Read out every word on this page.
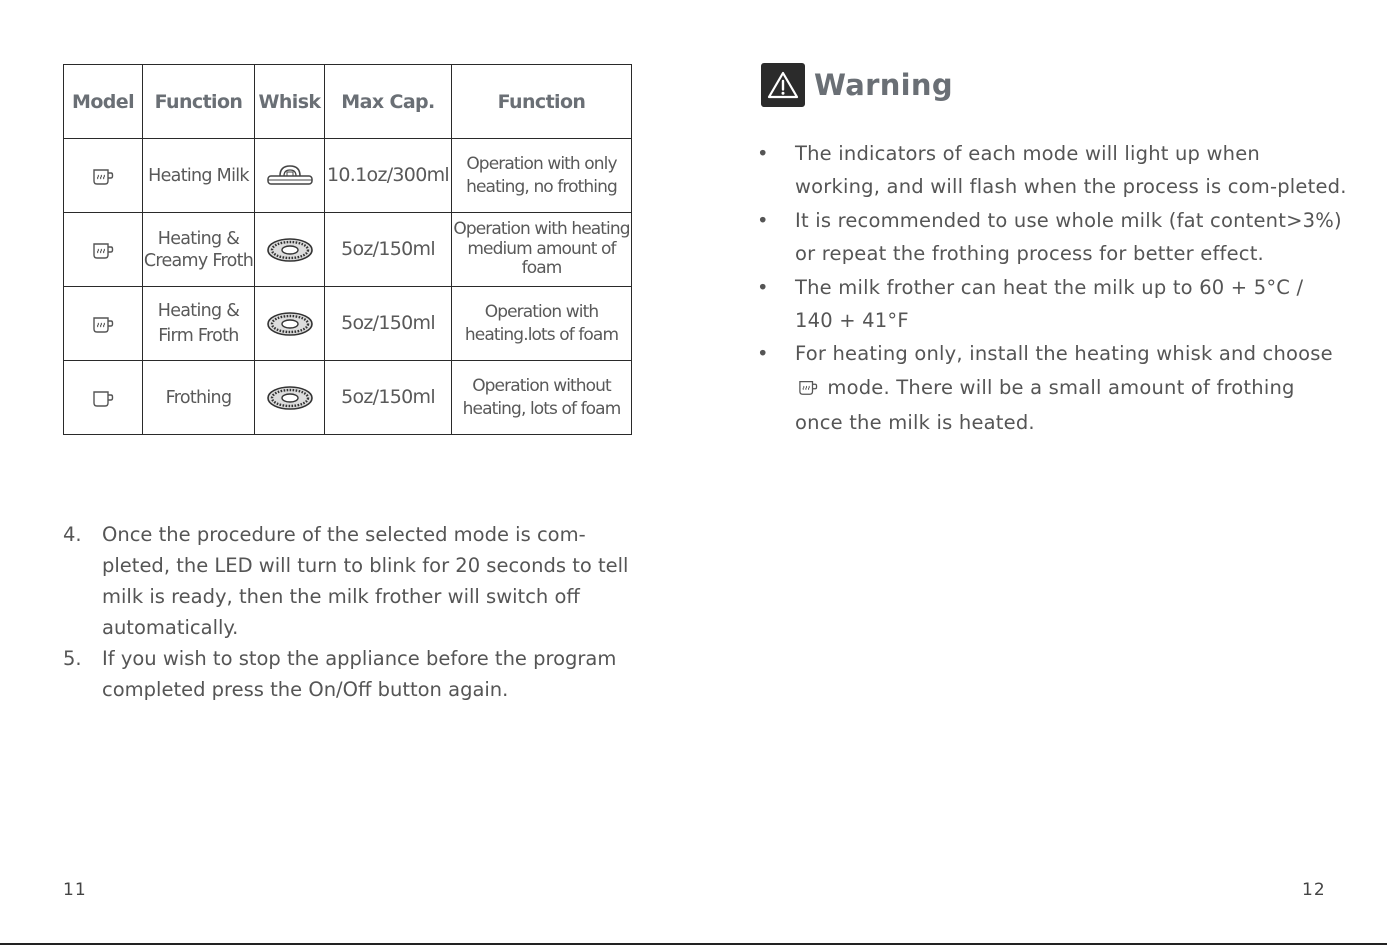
Model	Function	Whisk	Max Cap.	Function

	Heating Milk		10.1oz/300ml	Operation with only heating, no frothing

	Heating & Creamy Froth		5oz/150ml	Operation with heating medium amount of foam

	Heating & Firm Froth		5oz/150ml	Operation with heating.lots of foam

	Frothing		5oz/150ml	Operation without heating, lots of foam
4. Once the procedure of the selected mode is com-pleted, the LED will turn to blink for 20 seconds to tell milk is ready, then the milk frother will switch off automatically.
5. If you wish to stop the appliance before the program completed press the On/Off button again.
11
Warning
• The indicators of each mode will light up when working, and will flash when the process is com-pleted.
• It is recommended to use whole milk (fat content>3%) or repeat the frothing process for better effect.
• The milk frother can heat the milk up to 60 + 5°C / 140 + 41°F
• For heating only, install the heating whisk and choose  mode. There will be a small amount of frothing once the milk is heated.
12
